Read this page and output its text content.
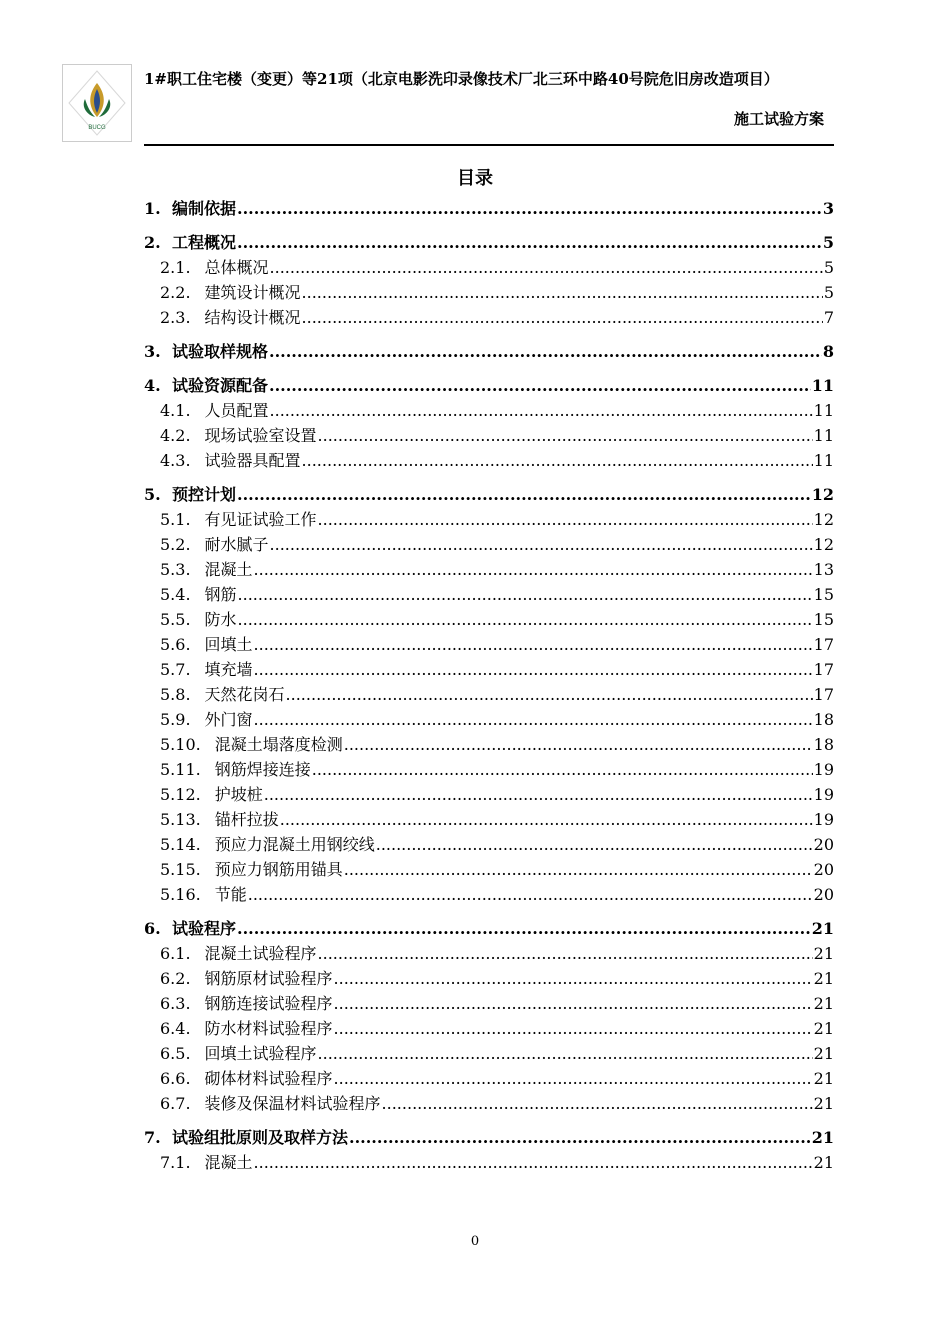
BUCG
1#职工住宅楼（变更）等21项（北京电影洗印录像技术厂北三环中路40号院危旧房改造项目）
施工试验方案
目录
1. 编制依据 .....	3
2. 工程概况 .....	5
2.1. 总体概况 .....	5
2.2. 建筑设计概况 .....	5
2.3. 结构设计概况 .....	7
3. 试验取样规格 .....	8
4. 试验资源配备 .....	11
4.1. 人员配置 .....	11
4.2. 现场试验室设置 .....	11
4.3. 试验器具配置 .....	11
5. 预控计划 .....	12
5.1. 有见证试验工作 .....	12
5.2. 耐水腻子 .....	12
5.3. 混凝土 .....	13
5.4. 钢筋 .....	15
5.5. 防水 .....	15
5.6. 回填土 .....	17
5.7. 填充墙 .....	17
5.8. 天然花岗石 .....	17
5.9. 外门窗 .....	18
5.10. 混凝土塌落度检测 .....	18
5.11. 钢筋焊接连接 .....	19
5.12. 护坡桩 .....	19
5.13. 锚杆拉拔 .....	19
5.14. 预应力混凝土用钢绞线 .....	20
5.15. 预应力钢筋用锚具 .....	20
5.16. 节能 .....	20
6. 试验程序 .....	21
6.1. 混凝土试验程序 .....	21
6.2. 钢筋原材试验程序 .....	21
6.3. 钢筋连接试验程序 .....	21
6.4. 防水材料试验程序 .....	21
6.5. 回填土试验程序 .....	21
6.6. 砌体材料试验程序 .....	21
6.7. 装修及保温材料试验程序 .....	21
7. 试验组批原则及取样方法 .....	21
7.1. 混凝土 .....	21
0
